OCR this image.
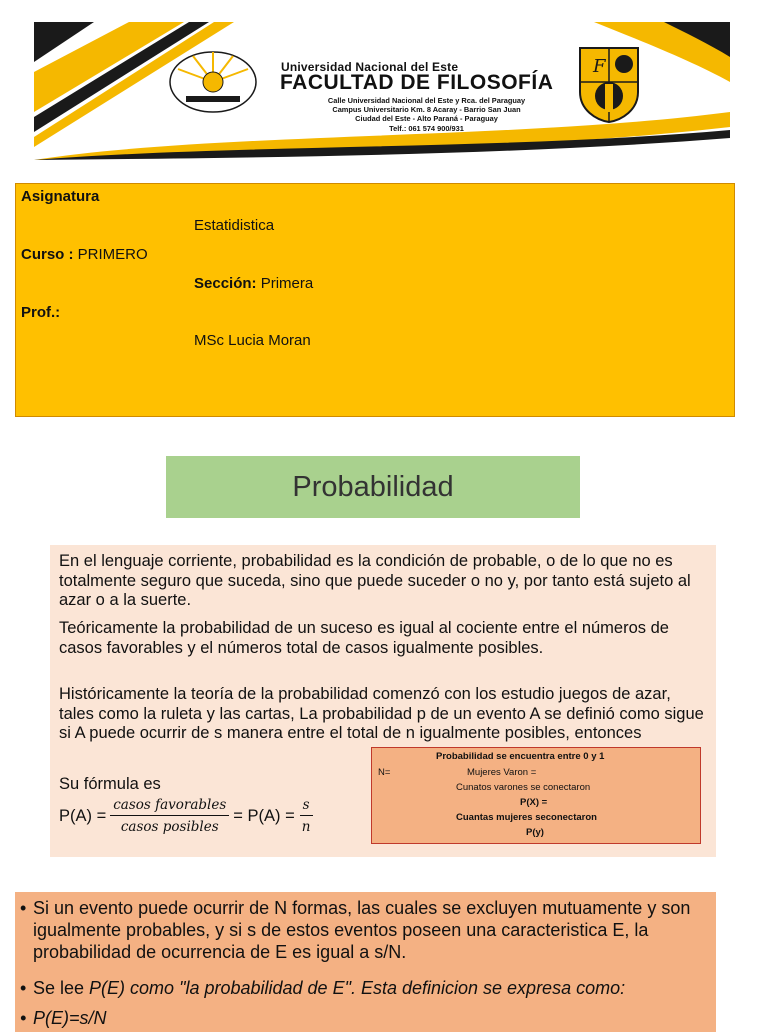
F
Universidad Nacional del Este
FACULTAD DE FILOSOFÍA
Calle Universidad Nacional del Este y Rca. del Paraguay
Campus Universitario Km. 8 Acaray - Barrio San Juan
Ciudad del Este - Alto Paraná - Paraguay
Telf.: 061 574 900/931
Asignatura
Estatidistica
Curso : PRIMERO
Sección: Primera
Prof.:
MSc Lucia Moran
Probabilidad
En el lenguaje corriente, probabilidad es la condición de probable, o de lo que no es totalmente seguro que suceda, sino que puede suceder o no y, por tanto está sujeto al azar o a la suerte.
Teóricamente la probabilidad de un suceso es igual al cociente entre el números de casos favorables y el números total de casos igualmente posibles.
Históricamente la teoría de la probabilidad comenzó con los estudio juegos de azar, tales como la ruleta y las cartas, La probabilidad p de un evento A se definió como sigue si A puede ocurrir de s manera entre el total de n igualmente posibles, entonces
Su fórmula es
$P(A) = \frac{\text{casos favorables}}{\text{casos posibles}} = P(A) = \frac{s}{n}$
Probabilidad se encuentra entre 0 y 1
N=	Mujeres Varon =
Cunatos varones se conectaron
P(X) =
Cuantas mujeres seconectaron
P(y)
• Si un evento puede ocurrir de N formas, las cuales se excluyen mutuamente y son igualmente probables, y si s de estos eventos poseen una caracteristica E, la probabilidad de ocurrencia de E es igual a s/N.
• Se lee P(E) como "la probabilidad de E". Esta definicion se expresa como:
• P(E)=s/N
